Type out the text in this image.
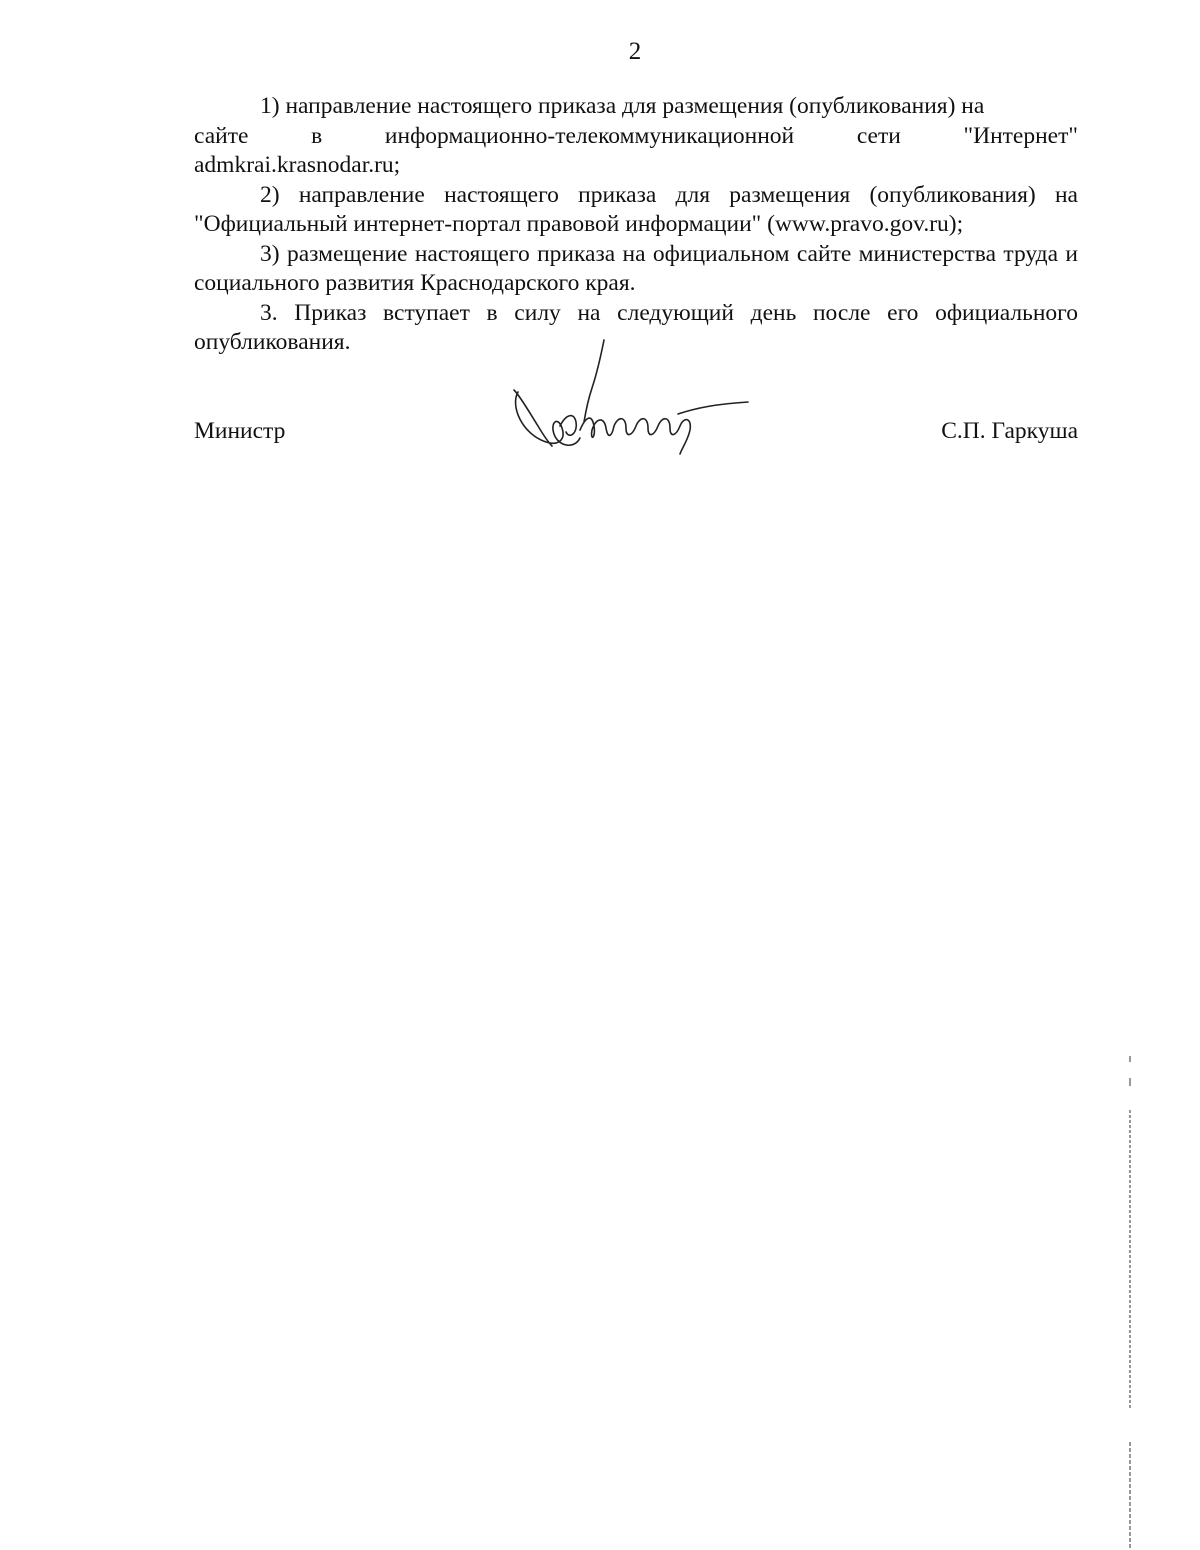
2

1) направление настоящего приказа для размещения (опубликования) на
сайте	в	информационно-телекоммуникационной	сети	"Интернет"
admkrai.krasnodar.ru;

2) направление настоящего приказа для размещения (опубликования) на "Официальный интернет-портал правовой информации" (www.pravo.gov.ru);

3) размещение настоящего приказа на официальном сайте министерства труда и социального развития Краснодарского края.

3. Приказ вступает в силу на следующий день после его официального опубликования.

Министр	С.П. Гаркуша
